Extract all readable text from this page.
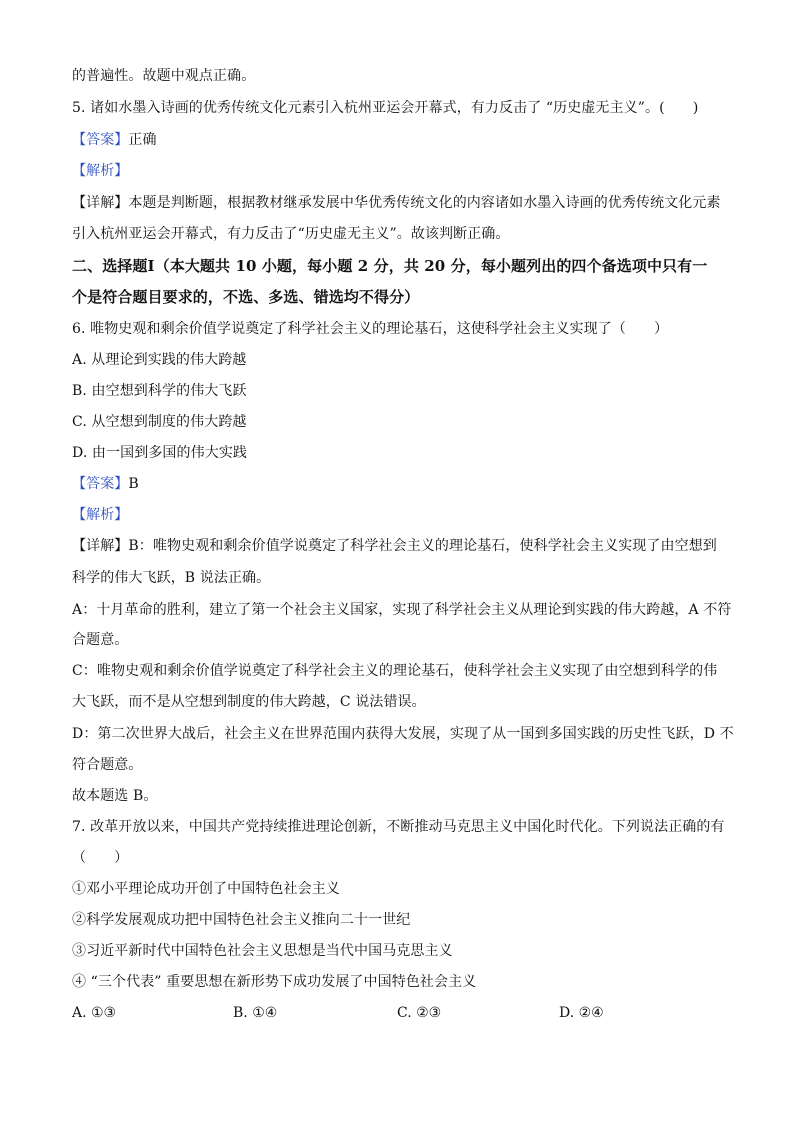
的普遍性。故题中观点正确。
5. 诸如水墨入诗画的优秀传统文化元素引入杭州亚运会开幕式，有力反击了 “历史虚无主义”。(　　)
【答案】正确
【解析】
【详解】本题是判断题，根据教材继承发展中华优秀传统文化的内容诸如水墨入诗画的优秀传统文化元素
引入杭州亚运会开幕式，有力反击了“历史虚无主义”。故该判断正确。
二、选择题Ⅰ（本大题共 10 小题，每小题 2 分，共 20 分，每小题列出的四个备选项中只有一
个是符合题目要求的，不选、多选、错选均不得分）
6. 唯物史观和剩余价值学说奠定了科学社会主义的理论基石，这使科学社会主义实现了（　　）
A. 从理论到实践的伟大跨越
B. 由空想到科学的伟大飞跃
C. 从空想到制度的伟大跨越
D. 由一国到多国的伟大实践
【答案】B
【解析】
【详解】B：唯物史观和剩余价值学说奠定了科学社会主义的理论基石，使科学社会主义实现了由空想到
科学的伟大飞跃，B 说法正确。
A：十月革命的胜利，建立了第一个社会主义国家，实现了科学社会主义从理论到实践的伟大跨越，A 不符
合题意。
C：唯物史观和剩余价值学说奠定了科学社会主义的理论基石，使科学社会主义实现了由空想到科学的伟
大飞跃，而不是从空想到制度的伟大跨越，C 说法错误。
D：第二次世界大战后，社会主义在世界范围内获得大发展，实现了从一国到多国实践的历史性飞跃，D 不
符合题意。
故本题选 B。
7. 改革开放以来，中国共产党持续推进理论创新，不断推动马克思主义中国化时代化。下列说法正确的有
（　　）
①邓小平理论成功开创了中国特色社会主义
②科学发展观成功把中国特色社会主义推向二十一世纪
③习近平新时代中国特色社会主义思想是当代中国马克思主义
④ “三个代表” 重要思想在新形势下成功发展了中国特色社会主义
A. ①③	B. ①④	C. ②③	D. ②④
